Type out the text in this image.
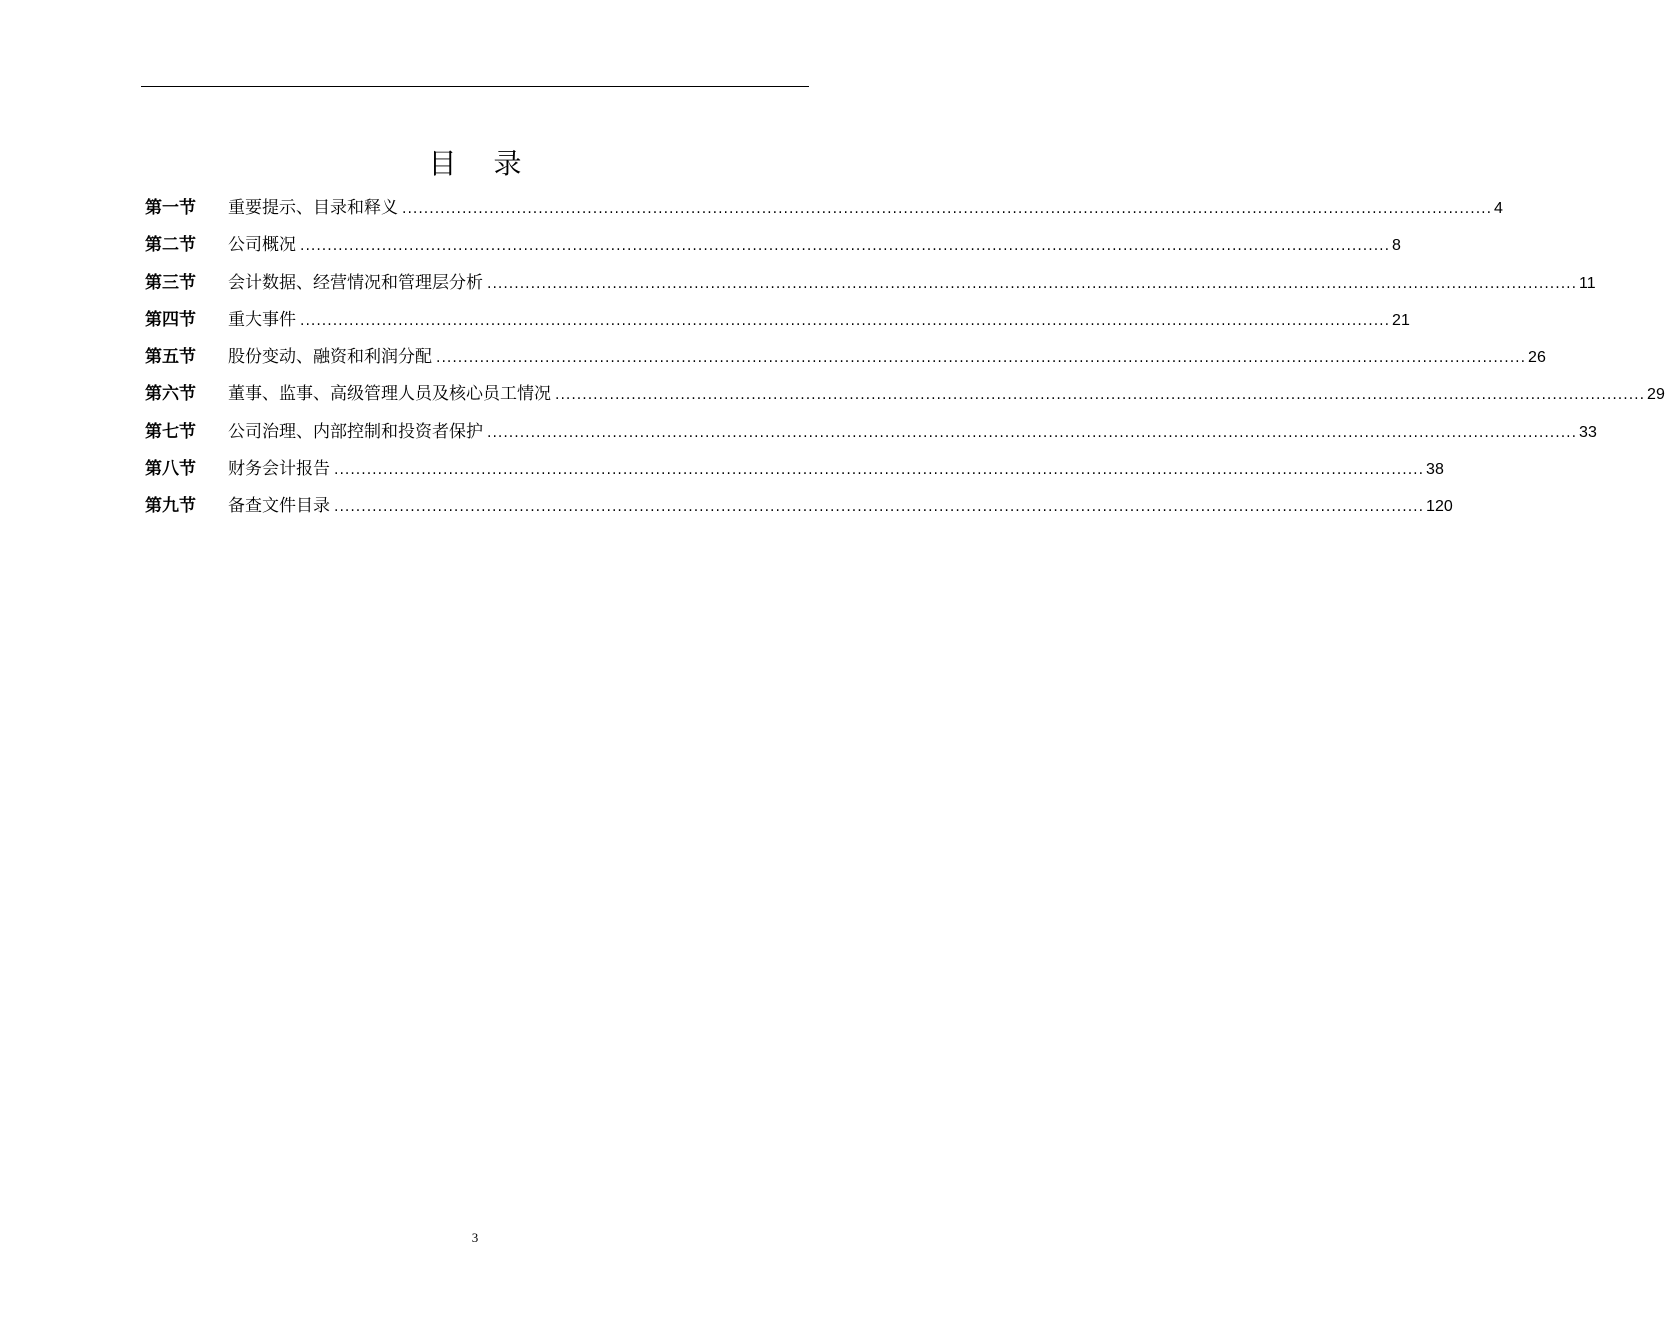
目 录
第一节	重要提示、目录和释义 ........................................................................................................................................................................................................ 4
第二节	公司概况 ........................................................................................................................................................................................................ 8
第三节	会计数据、经营情况和管理层分析 ........................................................................................................................................................................................................ 11
第四节	重大事件 ........................................................................................................................................................................................................ 21
第五节	股份变动、融资和利润分配 ........................................................................................................................................................................................................ 26
第六节	董事、监事、高级管理人员及核心员工情况 ........................................................................................................................................................................................................ 29
第七节	公司治理、内部控制和投资者保护 ........................................................................................................................................................................................................ 33
第八节	财务会计报告 ........................................................................................................................................................................................................ 38
第九节	备查文件目录 ........................................................................................................................................................................................................ 120
3
